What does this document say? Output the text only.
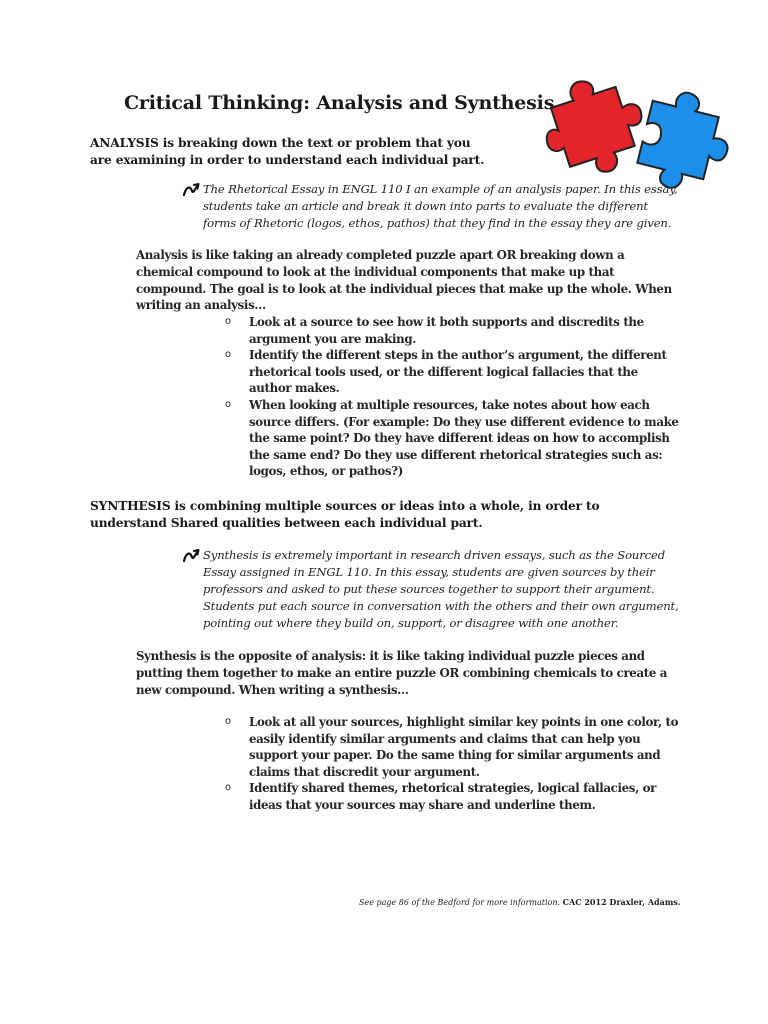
Critical Thinking: Analysis and Synthesis
ANALYSIS is breaking down the text or problem that you are examining in order to understand each individual part.
The Rhetorical Essay in ENGL 110 I an example of an analysis paper. In this essay, students take an article and break it down into parts to evaluate the different forms of Rhetoric (logos, ethos, pathos) that they find in the essay they are given.
Analysis is like taking an already completed puzzle apart OR breaking down a chemical compound to look at the individual components that make up that compound. The goal is to look at the individual pieces that make up the whole. When writing an analysis…
o Look at a source to see how it both supports and discredits the argument you are making.
o Identify the different steps in the author’s argument, the different rhetorical tools used, or the different logical fallacies that the author makes.
o When looking at multiple resources, take notes about how each source differs. (For example: Do they use different evidence to make the same point? Do they have different ideas on how to accomplish the same end? Do they use different rhetorical strategies such as: logos, ethos, or pathos?)
SYNTHESIS is combining multiple sources or ideas into a whole, in order to understand Shared qualities between each individual part.
Synthesis is extremely important in research driven essays, such as the Sourced Essay assigned in ENGL 110. In this essay, students are given sources by their professors and asked to put these sources together to support their argument. Students put each source in conversation with the others and their own argument, pointing out where they build on, support, or disagree with one another.
Synthesis is the opposite of analysis: it is like taking individual puzzle pieces and putting them together to make an entire puzzle OR combining chemicals to create a new compound. When writing a synthesis…
o Look at all your sources, highlight similar key points in one color, to easily identify similar arguments and claims that can help you support your paper. Do the same thing for similar arguments and claims that discredit your argument.
o Identify shared themes, rhetorical strategies, logical fallacies, or ideas that your sources may share and underline them.
See page 86 of the Bedford for more information. CAC 2012 Draxler, Adams.
